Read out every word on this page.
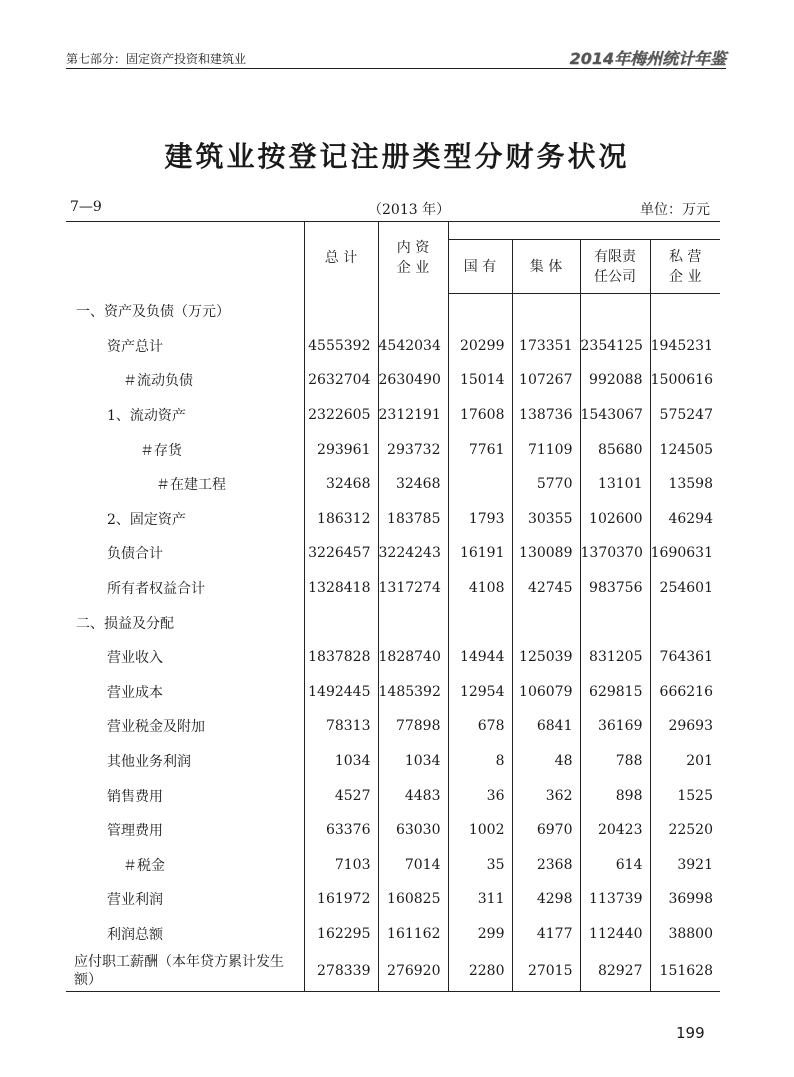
第七部分：固定资产投资和建筑业	2014年梅州统计年鉴
建筑业按登记注册类型分财务状况
7—9	（2013 年）	单位：万元
	总 计	内 资
企 业				
			国 有	集 体	有限责
任公司	私 营
企 业
一、资产及负债（万元）						
资产总计	4555392	4542034	20299	173351	2354125	1945231
＃流动负债	2632704	2630490	15014	107267	992088	1500616
1、流动资产	2322605	2312191	17608	138736	1543067	575247
＃存货	293961	293732	7761	71109	85680	124505
＃在建工程	32468	32468		5770	13101	13598
2、固定资产	186312	183785	1793	30355	102600	46294
负债合计	3226457	3224243	16191	130089	1370370	1690631
所有者权益合计	1328418	1317274	4108	42745	983756	254601
二、损益及分配						
营业收入	1837828	1828740	14944	125039	831205	764361
营业成本	1492445	1485392	12954	106079	629815	666216
营业税金及附加	78313	77898	678	6841	36169	29693
其他业务利润	1034	1034	8	48	788	201
销售费用	4527	4483	36	362	898	1525
管理费用	63376	63030	1002	6970	20423	22520
＃税金	7103	7014	35	2368	614	3921
营业利润	161972	160825	311	4298	113739	36998
利润总额	162295	161162	299	4177	112440	38800
应付职工薪酬（本年贷方累计发生额）	278339	276920	2280	27015	82927	151628
199
